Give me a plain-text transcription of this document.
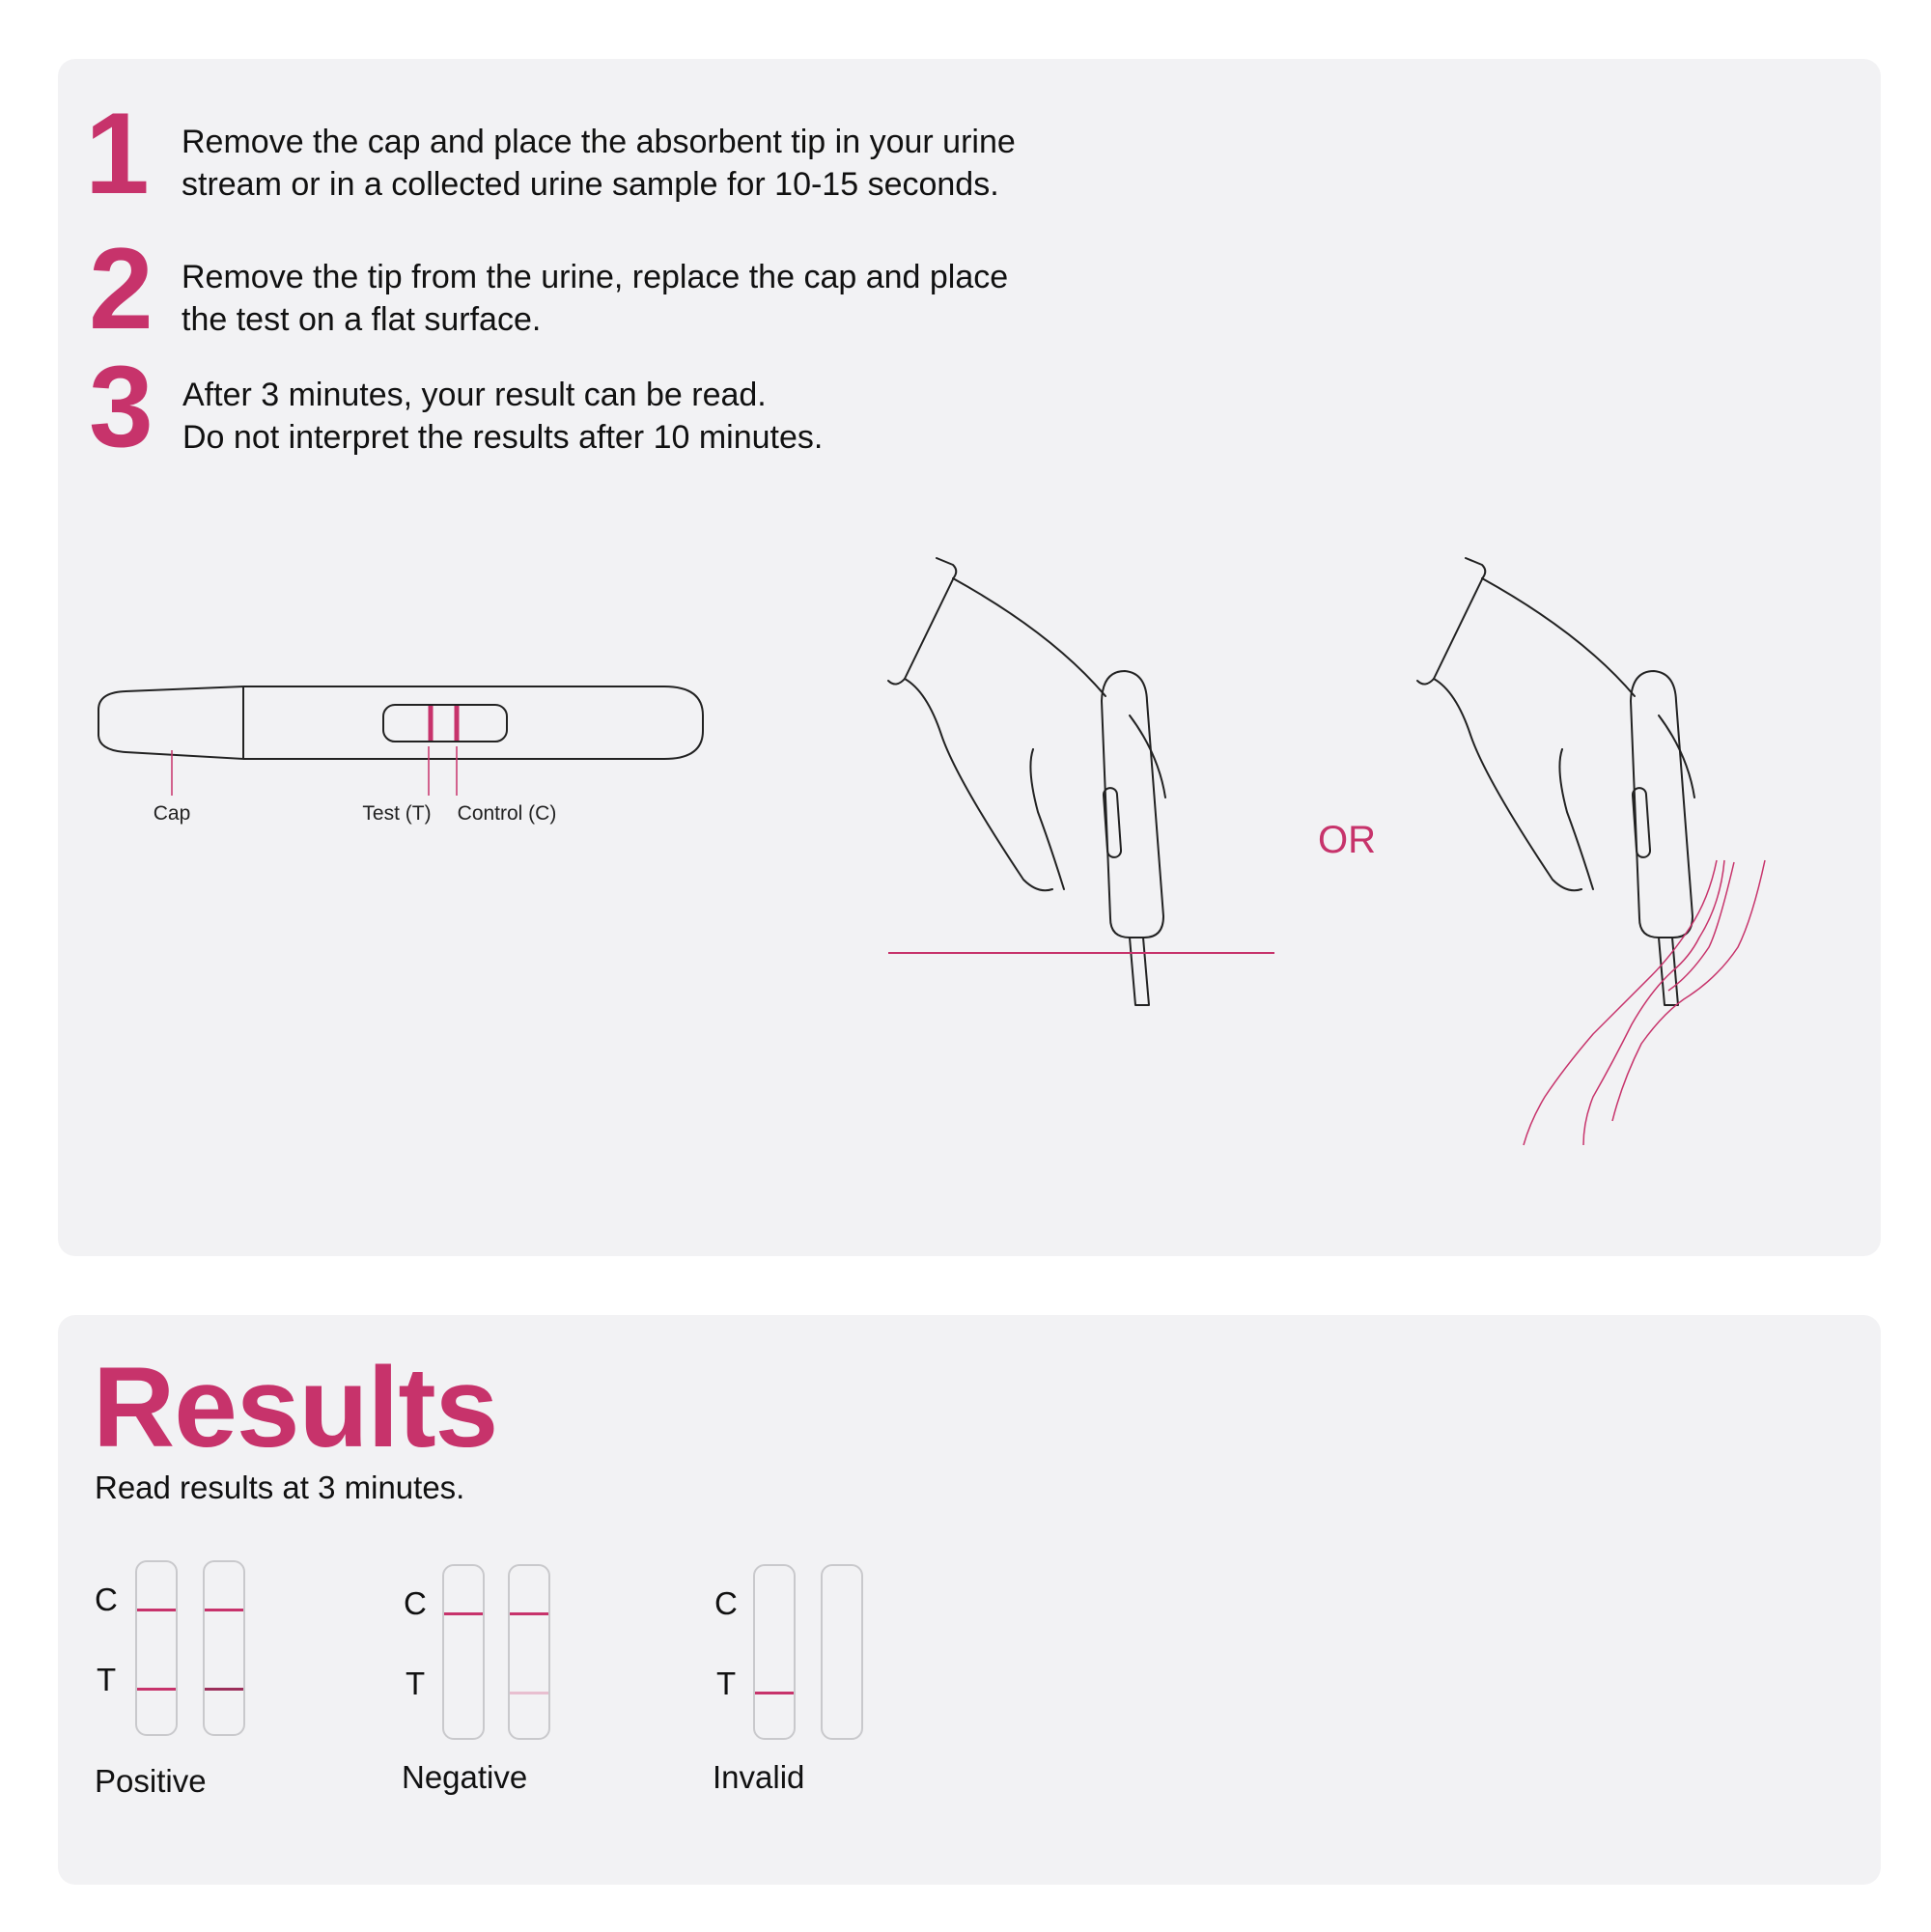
1 Remove the cap and place the absorbent tip in your urine
stream or in a collected urine sample for 10-15 seconds.
2 Remove the tip from the urine, replace the cap and place
the test on a flat surface.
3 After 3 minutes, your result can be read.
Do not interpret the results after 10 minutes.
Cap	Test (T) Control (C)
OR
Results
Read results at 3 minutes.
C
T
Positive
C
T
Negative
C
T
Invalid
